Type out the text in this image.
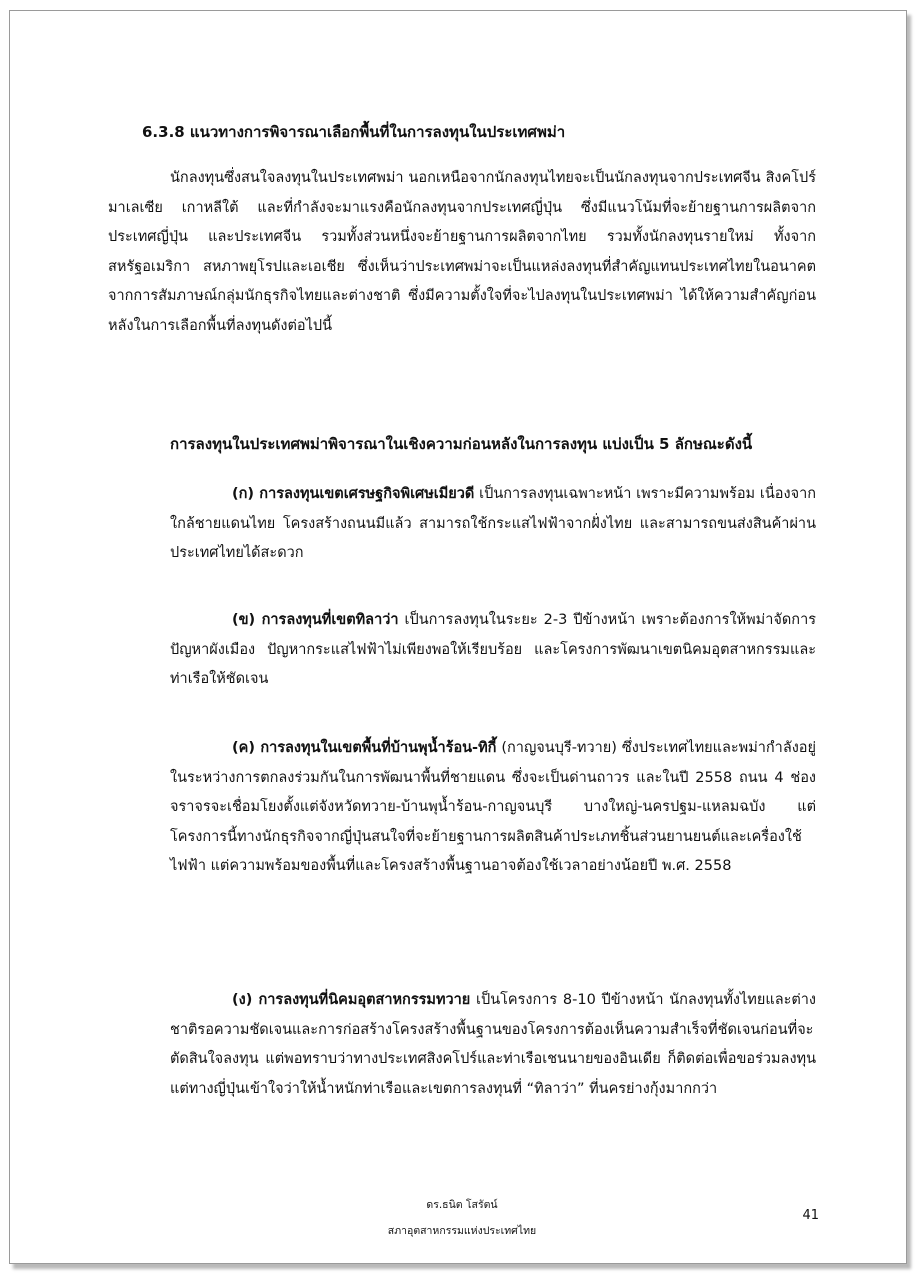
6.3.8 แนวทางการพิจารณาเลือกพื้นที่ในการลงทุนในประเทศพม่า

นักลงทุนซึ่งสนใจลงทุนในประเทศพม่า นอกเหนือจากนักลงทุนไทยจะเป็นนักลงทุนจากประเทศจีน สิงคโปร์ มาเลเซีย เกาหลีใต้ และที่กำลังจะมาแรงคือนักลงทุนจากประเทศญี่ปุ่น ซึ่งมีแนวโน้มที่จะย้ายฐานการผลิตจากประเทศญี่ปุ่น และประเทศจีน รวมทั้งส่วนหนึ่งจะย้ายฐานการผลิตจากไทย รวมทั้งนักลงทุนรายใหม่ ทั้งจากสหรัฐอเมริกา สหภาพยุโรปและเอเชีย ซึ่งเห็นว่าประเทศพม่าจะเป็นแหล่งลงทุนที่สำคัญแทนประเทศไทยในอนาคต จากการสัมภาษณ์กลุ่มนักธุรกิจไทยและต่างชาติ ซึ่งมีความตั้งใจที่จะไปลงทุนในประเทศพม่า ได้ให้ความสำคัญก่อนหลังในการเลือกพื้นที่ลงทุนดังต่อไปนี้

การลงทุนในประเทศพม่าพิจารณาในเชิงความก่อนหลังในการลงทุน แบ่งเป็น 5 ลักษณะดังนี้

(ก) การลงทุนเขตเศรษฐกิจพิเศษเมียวดี เป็นการลงทุนเฉพาะหน้า เพราะมีความพร้อม เนื่องจากใกล้ชายแดนไทย โครงสร้างถนนมีแล้ว สามารถใช้กระแสไฟฟ้าจากฝั่งไทย และสามารถขนส่งสินค้าผ่านประเทศไทยได้สะดวก

(ข) การลงทุนที่เขตทิลาว่า เป็นการลงทุนในระยะ 2-3 ปีข้างหน้า เพราะต้องการให้พม่าจัดการปัญหาผังเมือง ปัญหากระแสไฟฟ้าไม่เพียงพอให้เรียบร้อย และโครงการพัฒนาเขตนิคมอุตสาหกรรมและท่าเรือให้ชัดเจน

(ค) การลงทุนในเขตพื้นที่บ้านพุน้ำร้อน-ทิกี้ (กาญจนบุรี-ทวาย) ซึ่งประเทศไทยและพม่ากำลังอยู่ในระหว่างการตกลงร่วมกันในการพัฒนาพื้นที่ชายแดน ซึ่งจะเป็นด่านถาวร และในปี 2558 ถนน 4 ช่องจราจรจะเชื่อมโยงตั้งแต่จังหวัดทวาย-บ้านพุน้ำร้อน-กาญจนบุรี บางใหญ่-นครปฐม-แหลมฉบัง แต่โครงการนี้ทางนักธุรกิจจากญี่ปุ่นสนใจที่จะย้ายฐานการผลิตสินค้าประเภทชิ้นส่วนยานยนต์และเครื่องใช้ไฟฟ้า แต่ความพร้อมของพื้นที่และโครงสร้างพื้นฐานอาจต้องใช้เวลาอย่างน้อยปี พ.ศ. 2558

(ง) การลงทุนที่นิคมอุตสาหกรรมทวาย เป็นโครงการ 8-10 ปีข้างหน้า นักลงทุนทั้งไทยและต่างชาติรอความชัดเจนและการก่อสร้างโครงสร้างพื้นฐานของโครงการต้องเห็นความสำเร็จที่ชัดเจนก่อนที่จะตัดสินใจลงทุน แต่พอทราบว่าทางประเทศสิงคโปร์และท่าเรือเชนนายของอินเดีย ก็ติดต่อเพื่อขอร่วมลงทุน แต่ทางญี่ปุ่นเข้าใจว่าให้น้ำหนักท่าเรือและเขตการลงทุนที่ “ทิลาว่า” ที่นครย่างกุ้งมากกว่า

ดร.ธนิต โสรัตน์
สภาอุตสาหกรรมแห่งประเทศไทย
41
